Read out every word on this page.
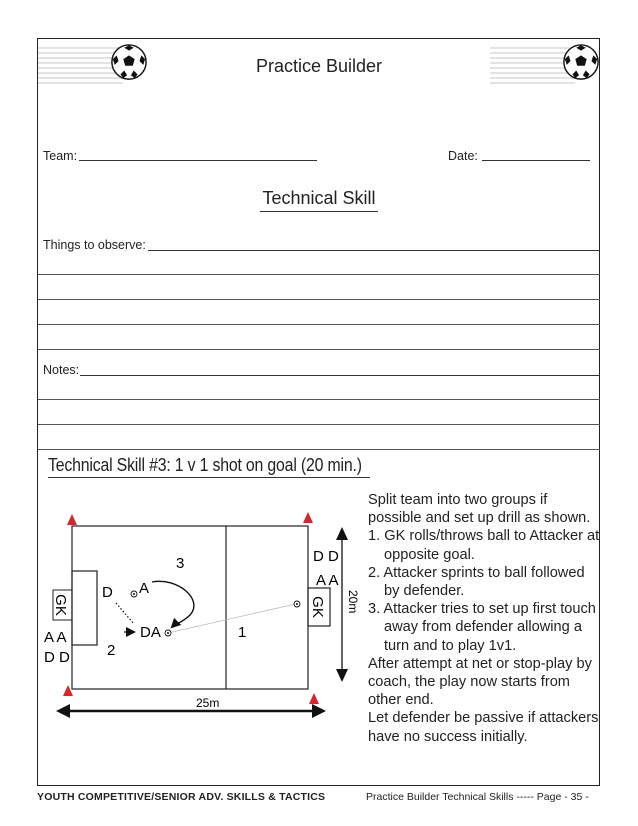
Practice Builder
Team:	Date:
Technical Skill
Things to observe:
Notes:
Technical Skill #3: 1 v 1 shot on goal (20 min.)
GK	GK
3
1
2
D A
DA
D D
A A
A A
D D
25m
20m

Split team into two groups if possible and set up drill as shown.

1. GK rolls/throws ball to Attacker at opposite goal.

2. Attacker sprints to ball followed by defender.

3. Attacker tries to set up first touch away from defender allowing a turn and to play 1v1.

After attempt at net or stop-play by coach, the play now starts from other end.

Let defender be passive if attackers have no success initially.

YOUTH COMPETITIVE/SENIOR ADV. SKILLS & TACTICS	Practice Builder Technical Skills ----- Page - 35 -
